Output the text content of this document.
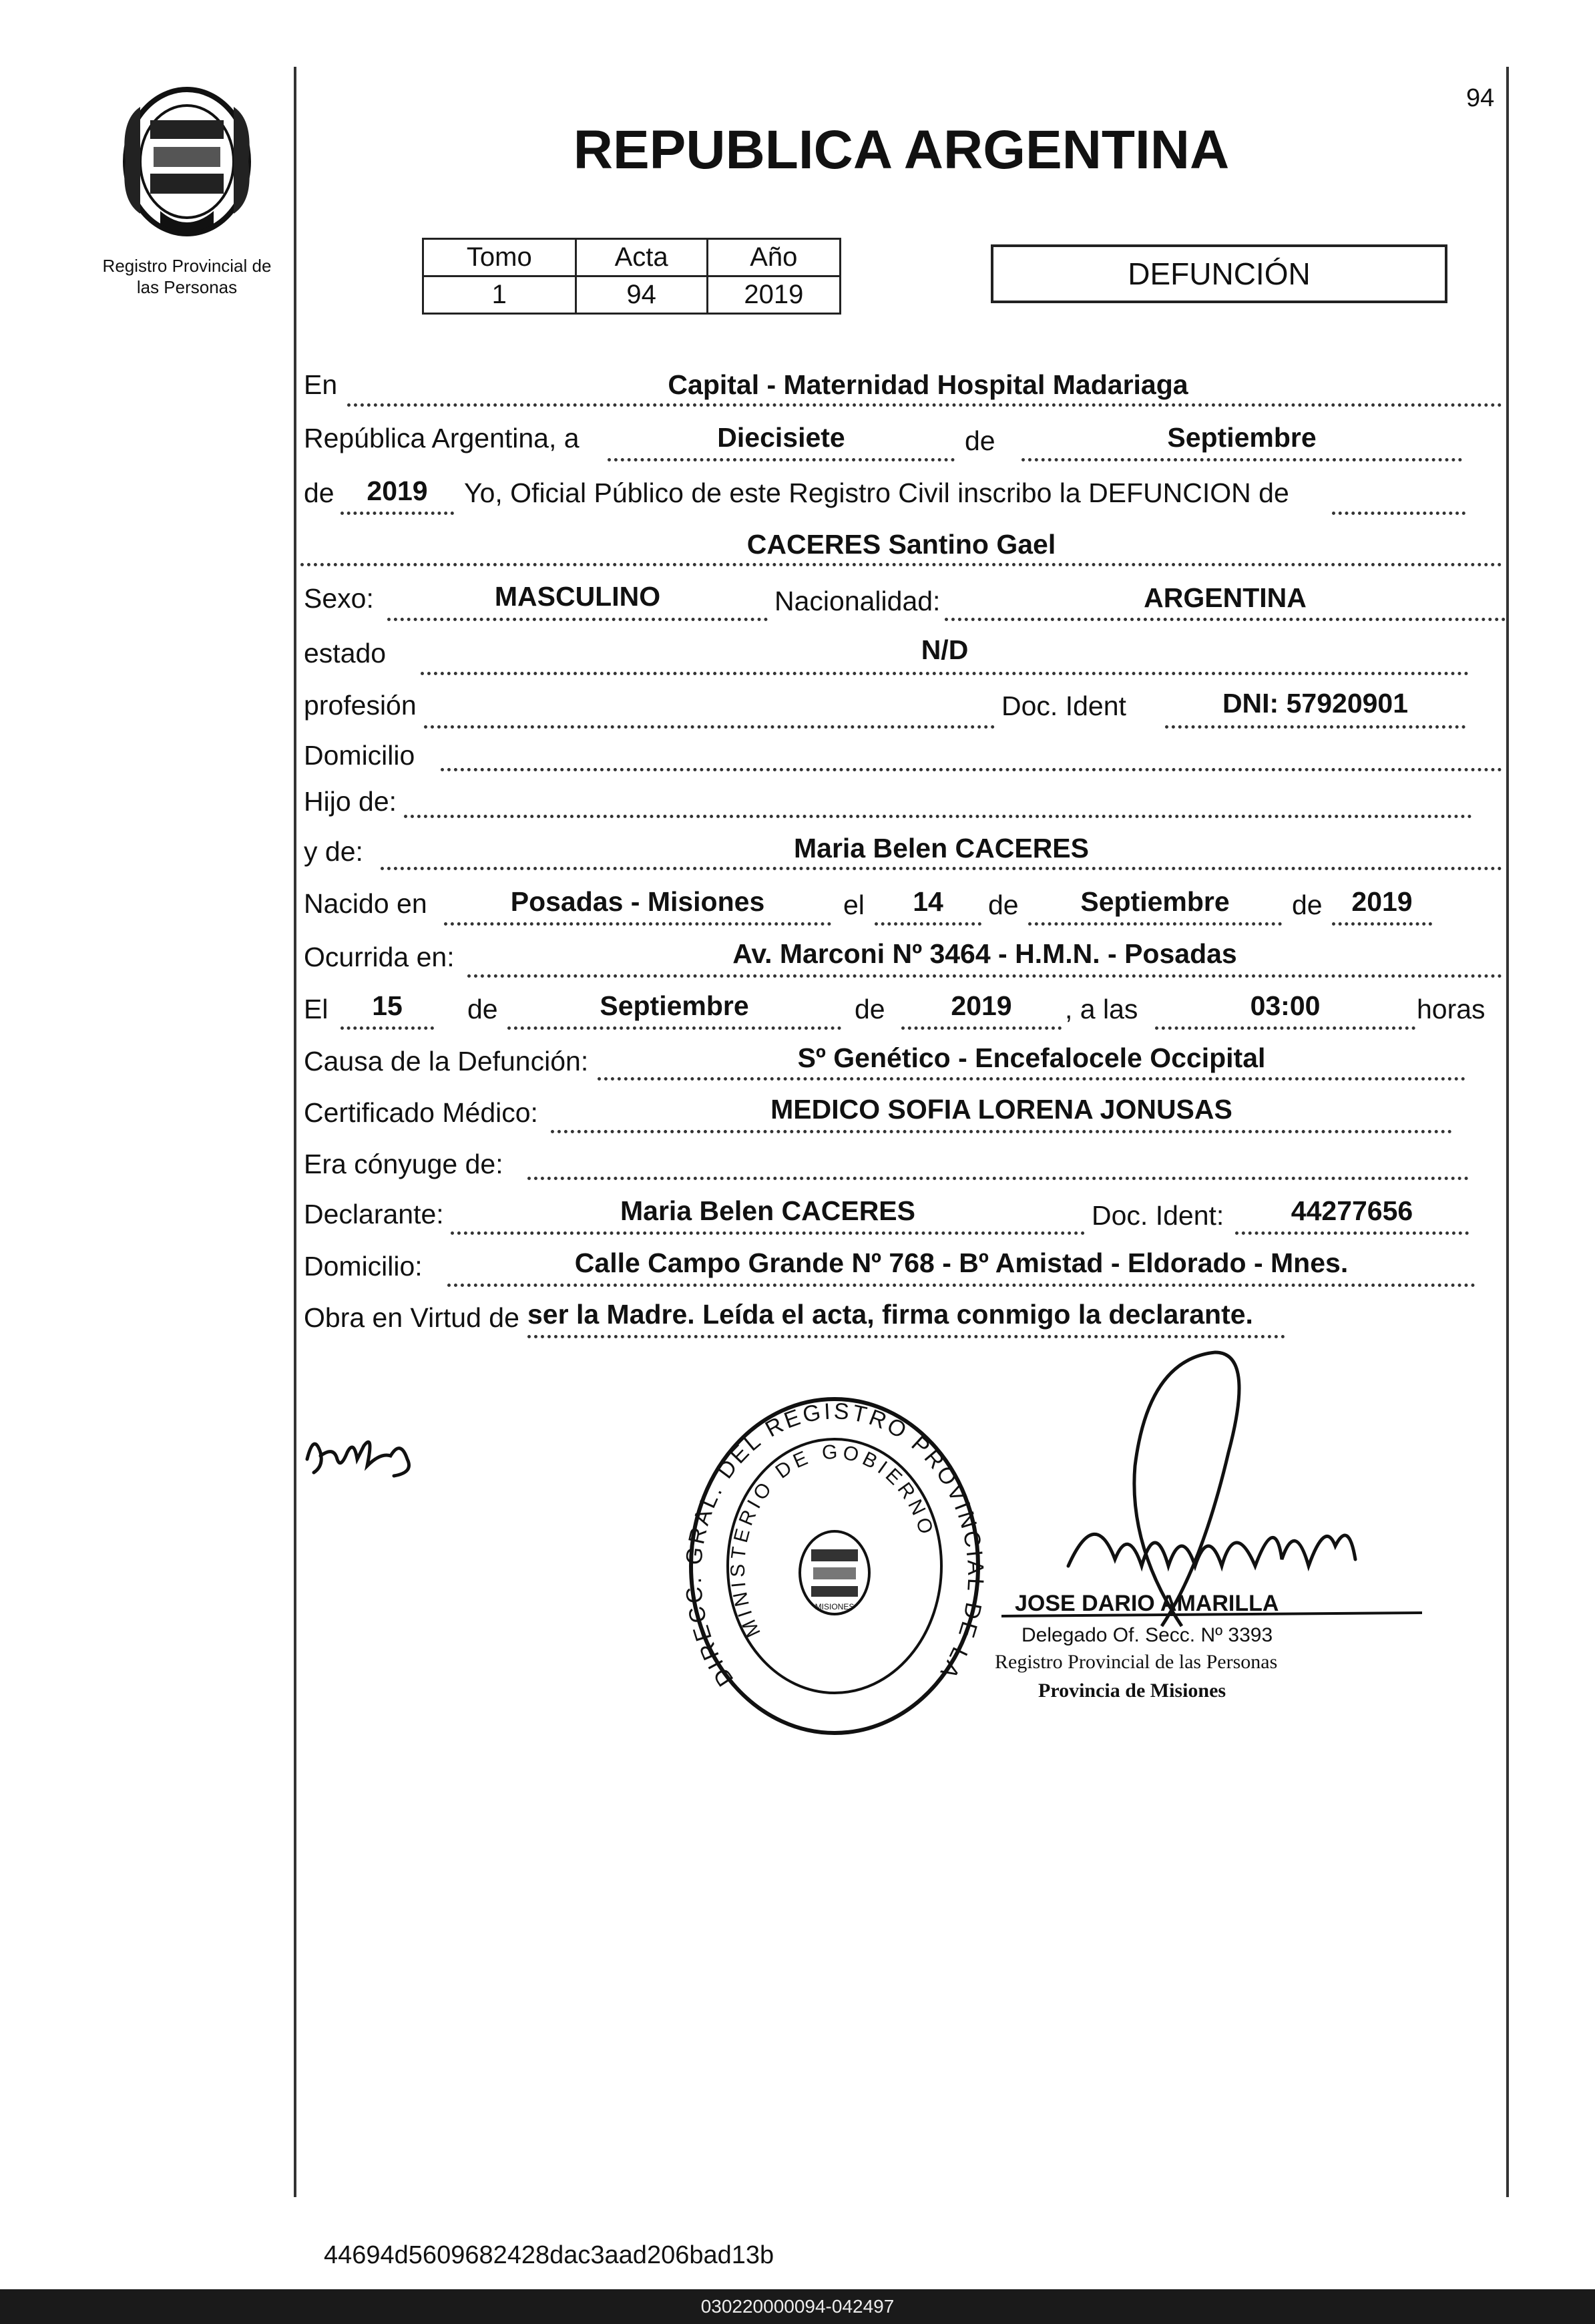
Registro Provincial de
las Personas
94
REPUBLICA ARGENTINA
Tomo	Acta	Año
1	94	2019
DEFUNCIÓN
En	Capital - Maternidad Hospital Madariaga
República Argentina, a	Diecisiete	de	Septiembre
de	2019	Yo, Oficial Público de este Registro Civil inscribo la DEFUNCION de
CACERES Santino Gael
Sexo:	MASCULINO	Nacionalidad:	ARGENTINA
estado	N/D
profesión	Doc. Ident	DNI: 57920901
Domicilio
Hijo de:
y de:	Maria Belen CACERES
Nacido en	Posadas - Misiones	el	14	de	Septiembre	de	2019
Ocurrida en:	Av. Marconi Nº 3464 - H.M.N. - Posadas
El	15	de	Septiembre	de	2019	, a las	03:00	horas
Causa de la Defunción:	Sº Genético - Encefalocele Occipital
Certificado Médico:	MEDICO SOFIA LORENA JONUSAS
Era cónyuge de:
Declarante:	Maria Belen CACERES	Doc. Ident:	44277656
Domicilio:	Calle Campo Grande Nº 768 - Bº Amistad - Eldorado - Mnes.
Obra en Virtud de ser la Madre. Leída el acta, firma conmigo la declarante.
DIRECC. GRAL. DEL REGISTRO PROVINCIAL DE LA
MINISTERIO DE GOBIERNO
MISIONES	JOSE DARIO AMARILLA
Delegado Of. Secc. Nº 3393
Registro Provincial de las Personas
Provincia de Misiones
44694d5609682428dac3aad206bad13b
030220000094-042497
